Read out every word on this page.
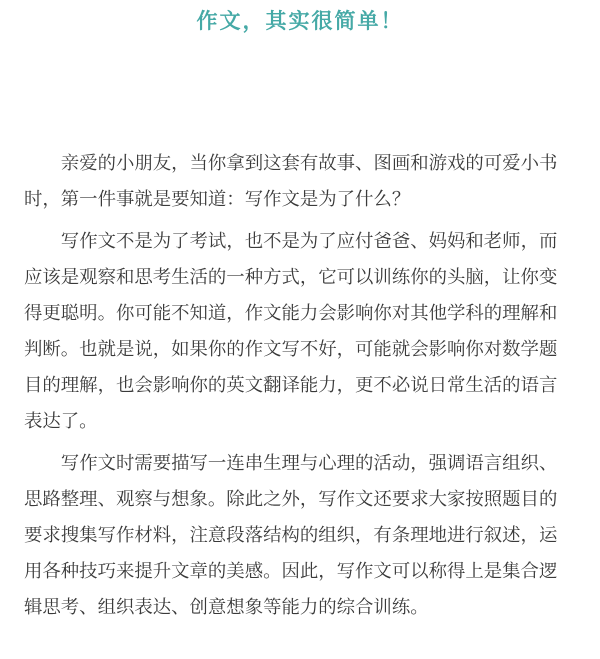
作文，其实很简单！

亲爱的小朋友，当你拿到这套有故事、图画和游戏的可爱小书
时，第一件事就是要知道：写作文是为了什么？

写作文不是为了考试，也不是为了应付爸爸、妈妈和老师，而
应该是观察和思考生活的一种方式，它可以训练你的头脑，让你变
得更聪明。你可能不知道，作文能力会影响你对其他学科的理解和
判断。也就是说，如果你的作文写不好，可能就会影响你对数学题
目的理解，也会影响你的英文翻译能力，更不必说日常生活的语言
表达了。

写作文时需要描写一连串生理与心理的活动，强调语言组织、
思路整理、观察与想象。除此之外，写作文还要求大家按照题目的
要求搜集写作材料，注意段落结构的组织，有条理地进行叙述，运
用各种技巧来提升文章的美感。因此，写作文可以称得上是集合逻
辑思考、组织表达、创意想象等能力的综合训练。
